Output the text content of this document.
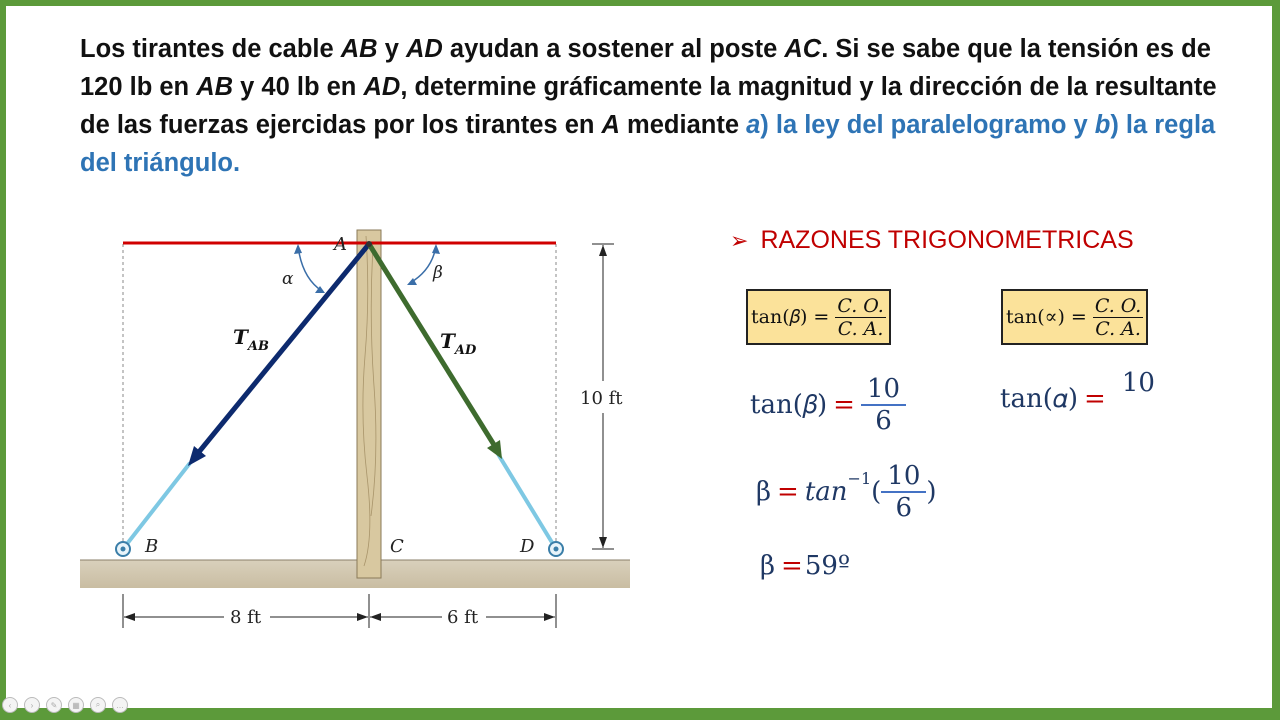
Los tirantes de cable AB y AD ayudan a sostener al poste AC. Si se sabe que la tensión es de 120 lb en AB y 40 lb en AD, determine gráficamente la magnitud y la dirección de la resultante de las fuerzas ejercidas por los tirantes en A mediante a) la ley del paralelogramo y b) la regla del triángulo.
A
α	β
$T_{AB}$	$T_{AD}$
B	C	D
10 ft
8 ft	6 ft
➢ RAZONES TRIGONOMETRICAS
tan(𝛽) = $\frac{C. O.}{C. A.}$	$\tan(\propto) = \frac{C. O.}{C. A.}$
tan(𝛽) = $\frac{10}{6}$	tan(𝛼) =
10
$\beta = \tan^{-1}$ ( $\frac{10}{6}$ )
β = 59º
‹	›	✎	▦	⌕	…
